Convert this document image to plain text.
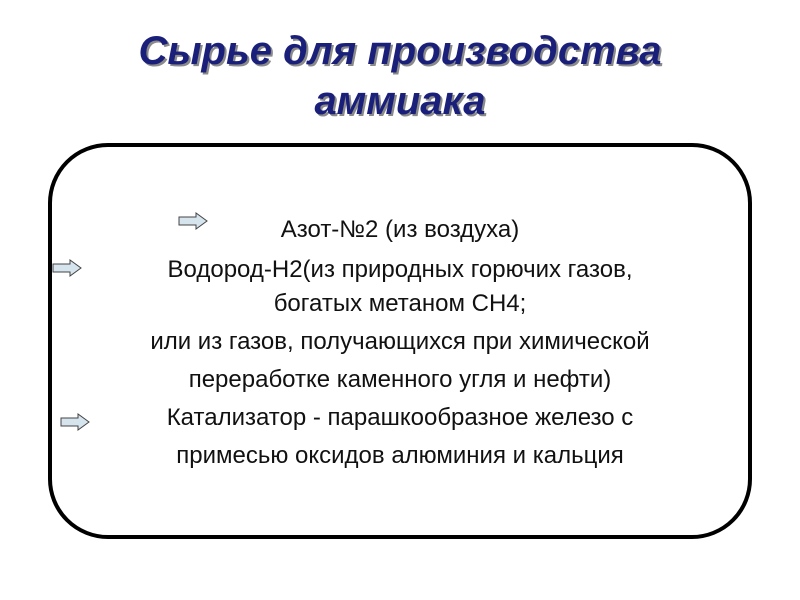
Сырье для производства
аммиака
Азот-№2 (из воздуха)
Водород-Н2(из природных горючих газов,
богатых метаном СН4;
или из газов, получающихся при химической
переработке каменного угля и нефти)
Катализатор - парашкообразное железо с
примесью оксидов алюминия и кальция
